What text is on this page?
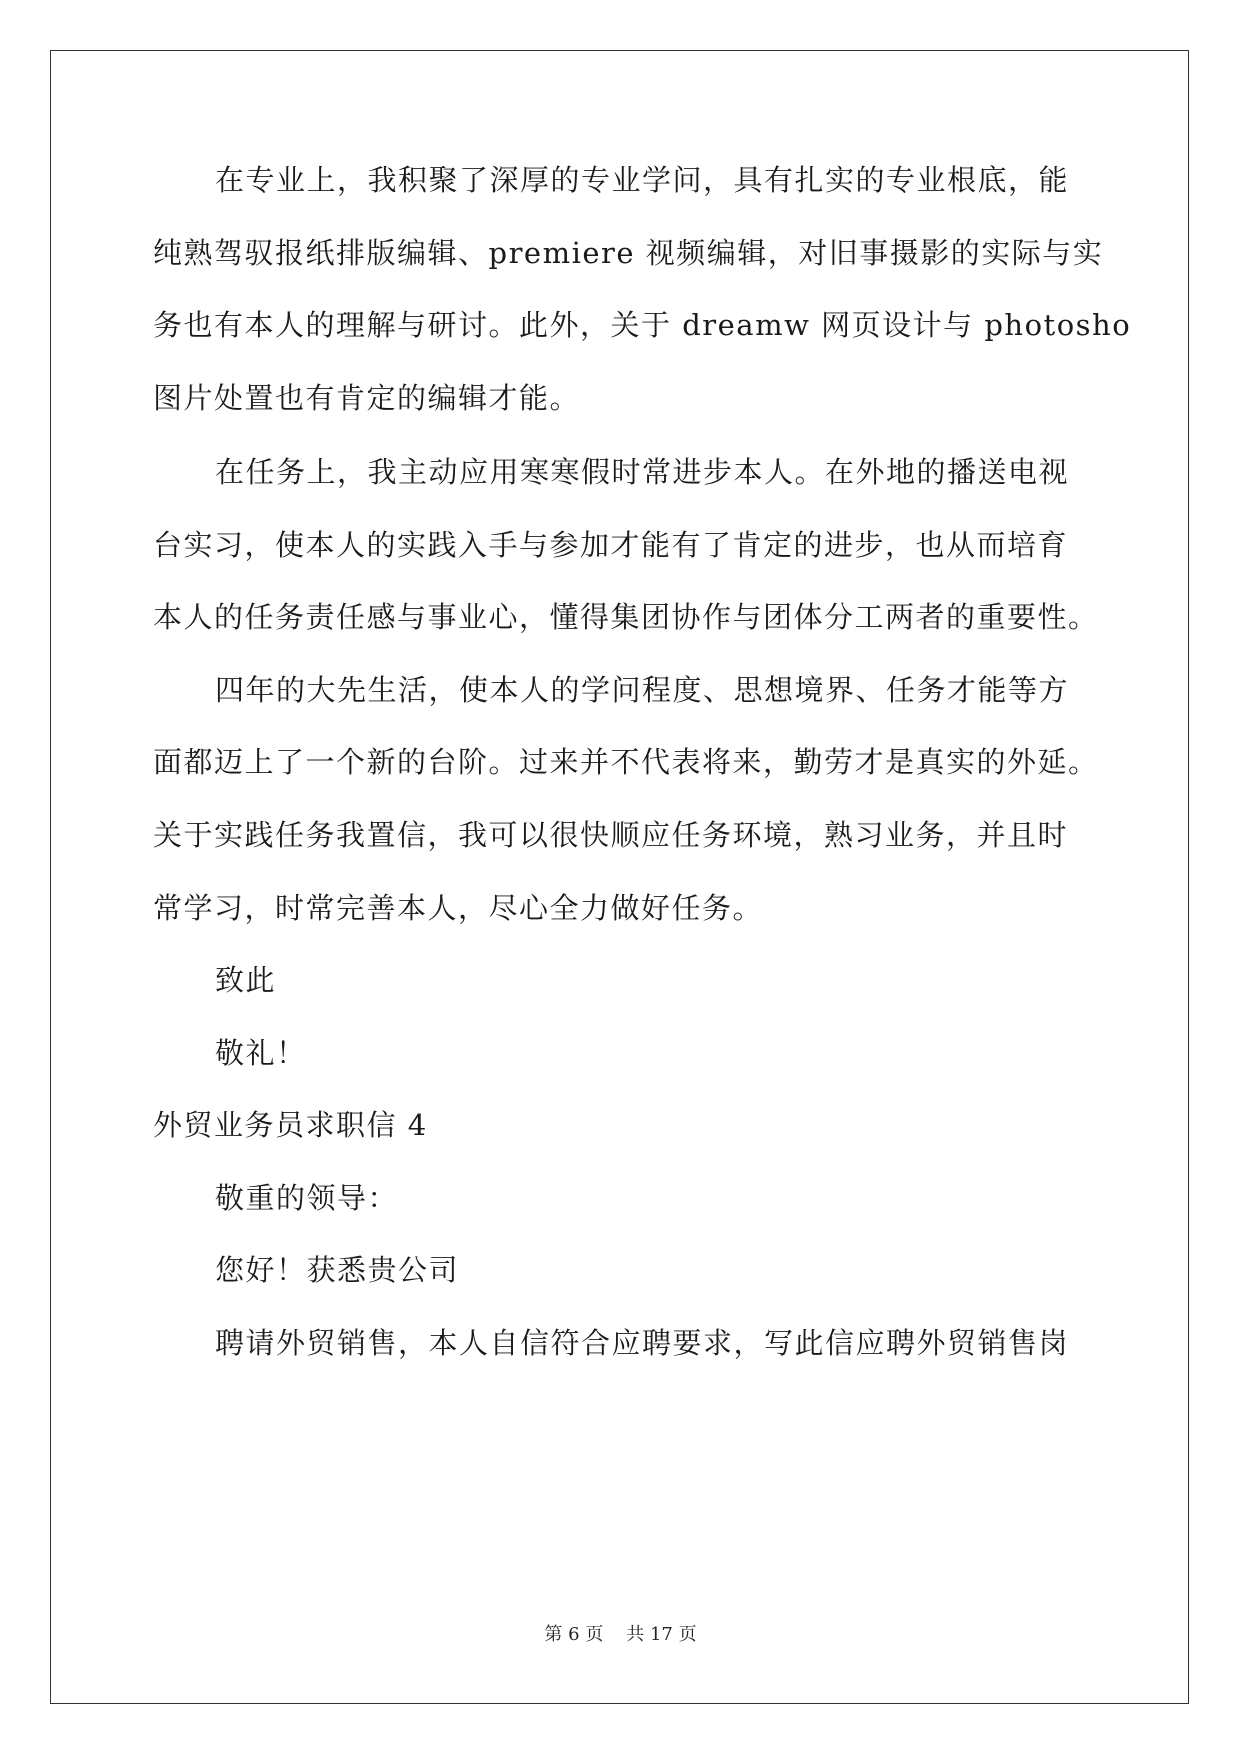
在专业上，我积聚了深厚的专业学问，具有扎实的专业根底，能
纯熟驾驭报纸排版编辑、premiere 视频编辑，对旧事摄影的实际与实
务也有本人的理解与研讨。此外，关于 dreamw 网页设计与 photosho
图片处置也有肯定的编辑才能。
在任务上，我主动应用寒寒假时常进步本人。在外地的播送电视
台实习，使本人的实践入手与参加才能有了肯定的进步，也从而培育
本人的任务责任感与事业心，懂得集团协作与团体分工两者的重要性。
四年的大先生活，使本人的学问程度、思想境界、任务才能等方
面都迈上了一个新的台阶。过来并不代表将来，勤劳才是真实的外延。
关于实践任务我置信，我可以很快顺应任务环境，熟习业务，并且时
常学习，时常完善本人，尽心全力做好任务。
致此
敬礼！
外贸业务员求职信 4
敬重的领导：
您好！获悉贵公司
聘请外贸销售，本人自信符合应聘要求，写此信应聘外贸销售岗
第 6 页 共 17 页
